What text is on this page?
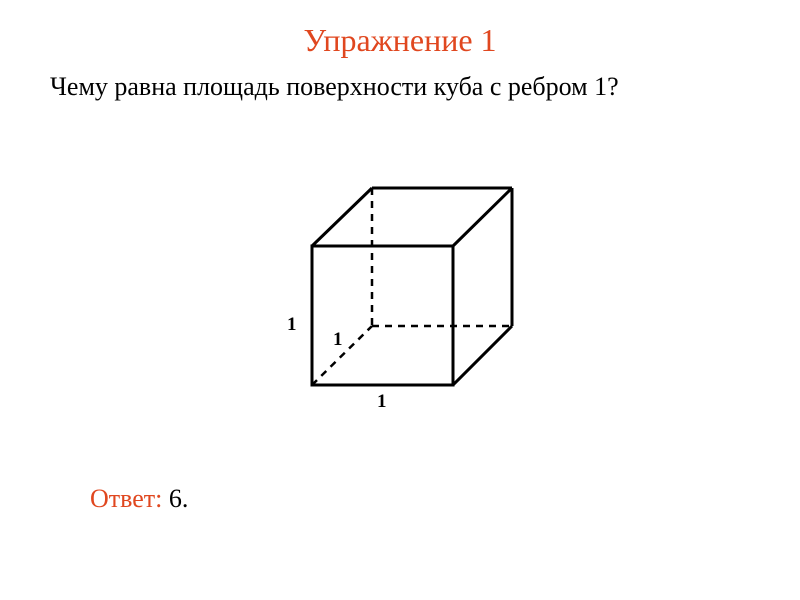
Упражнение 1

Чему равна площадь поверхности куба с ребром 1?

1
1
1

Ответ: 6.
